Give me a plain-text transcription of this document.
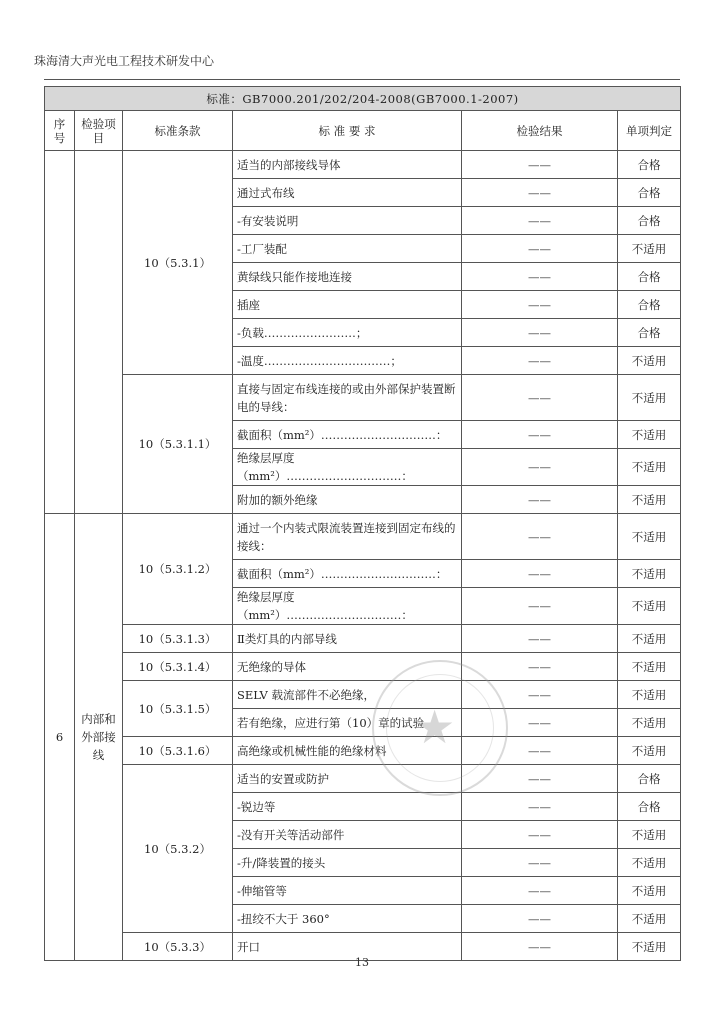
珠海清大声光电工程技术研发中心
标准：GB7000.201/202/204-2008(GB7000.1-2007)					
序号	检验项目	标准条款	标 准 要 求	检验结果	单项判定
		10（5.3.1）	适当的内部接线导体	——	合格
			通过式布线	——	合格
			-有安装说明	——	合格
			-工厂装配	——	不适用
			黄绿线只能作接地连接	——	合格
			插座	——	合格
			-负载……………………；	——	合格
			-温度……………………………；	——	不适用
		10（5.3.1.1）	直接与固定布线连接的或由外部保护装置断电的导线：	——	不适用
			截面积（mm²）…………………………：	——	不适用
			绝缘层厚度（mm²）…………………………：	——	不适用
			附加的额外绝缘	——	不适用
6	内部和外部接线	10（5.3.1.2）	通过一个内装式限流装置连接到固定布线的接线：	——	不适用
			截面积（mm²）…………………………：	——	不适用
			绝缘层厚度（mm²）…………………………：	——	不适用
		10（5.3.1.3）	Ⅱ类灯具的内部导线	——	不适用
		10（5.3.1.4）	无绝缘的导体	——	不适用
		10（5.3.1.5）	SELV 载流部件不必绝缘，	——	不适用
			若有绝缘，应进行第（10）章的试验	——	不适用
		10（5.3.1.6）	高绝缘或机械性能的绝缘材料	——	不适用
		10（5.3.2）	适当的安置或防护	——	合格
			-锐边等	——	合格
			-没有开关等活动部件	——	不适用
			-升/降装置的接头	——	不适用
			-伸缩管等	——	不适用
			-扭绞不大于 360°	——	不适用
		10（5.3.3）	开口	——	不适用
★
13
